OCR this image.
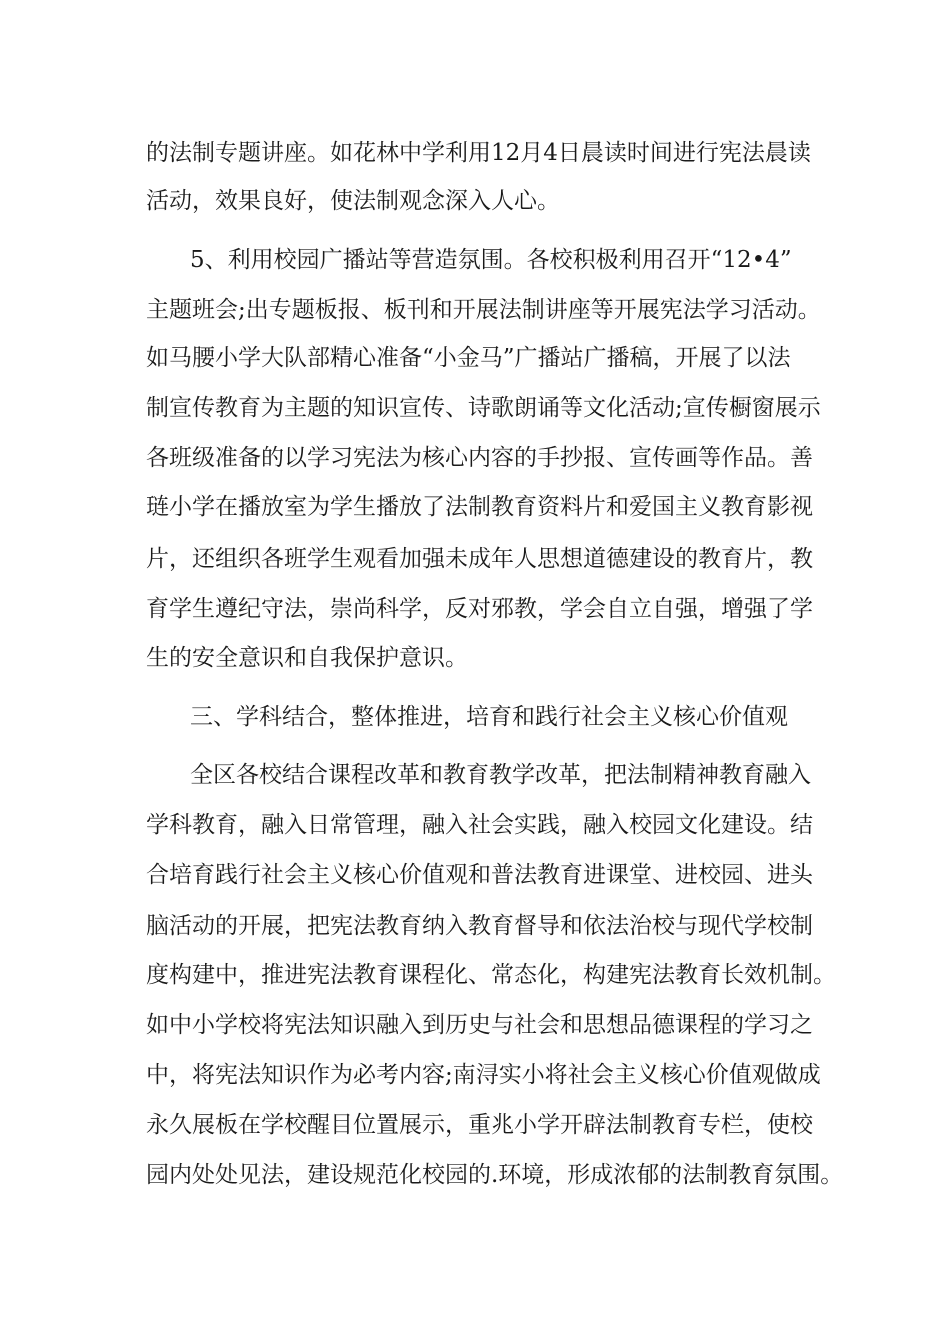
的法制专题讲座。如花林中学利用12月4日晨读时间进行宪法晨读
活动，效果良好，使法制观念深入人心。
5、利用校园广播站等营造氛围。各校积极利用召开“12•4”
主题班会;出专题板报、板刊和开展法制讲座等开展宪法学习活动。
如马腰小学大队部精心准备“小金马”广播站广播稿，开展了以法
制宣传教育为主题的知识宣传、诗歌朗诵等文化活动;宣传橱窗展示
各班级准备的以学习宪法为核心内容的手抄报、宣传画等作品。善
琏小学在播放室为学生播放了法制教育资料片和爱国主义教育影视
片，还组织各班学生观看加强未成年人思想道德建设的教育片，教
育学生遵纪守法，崇尚科学，反对邪教，学会自立自强，增强了学
生的安全意识和自我保护意识。
三、学科结合，整体推进，培育和践行社会主义核心价值观
全区各校结合课程改革和教育教学改革，把法制精神教育融入
学科教育，融入日常管理，融入社会实践，融入校园文化建设。结
合培育践行社会主义核心价值观和普法教育进课堂、进校园、进头
脑活动的开展，把宪法教育纳入教育督导和依法治校与现代学校制
度构建中，推进宪法教育课程化、常态化，构建宪法教育长效机制。
如中小学校将宪法知识融入到历史与社会和思想品德课程的学习之
中，将宪法知识作为必考内容;南浔实小将社会主义核心价值观做成
永久展板在学校醒目位置展示，重兆小学开辟法制教育专栏，使校
园内处处见法，建设规范化校园的.环境，形成浓郁的法制教育氛围。
